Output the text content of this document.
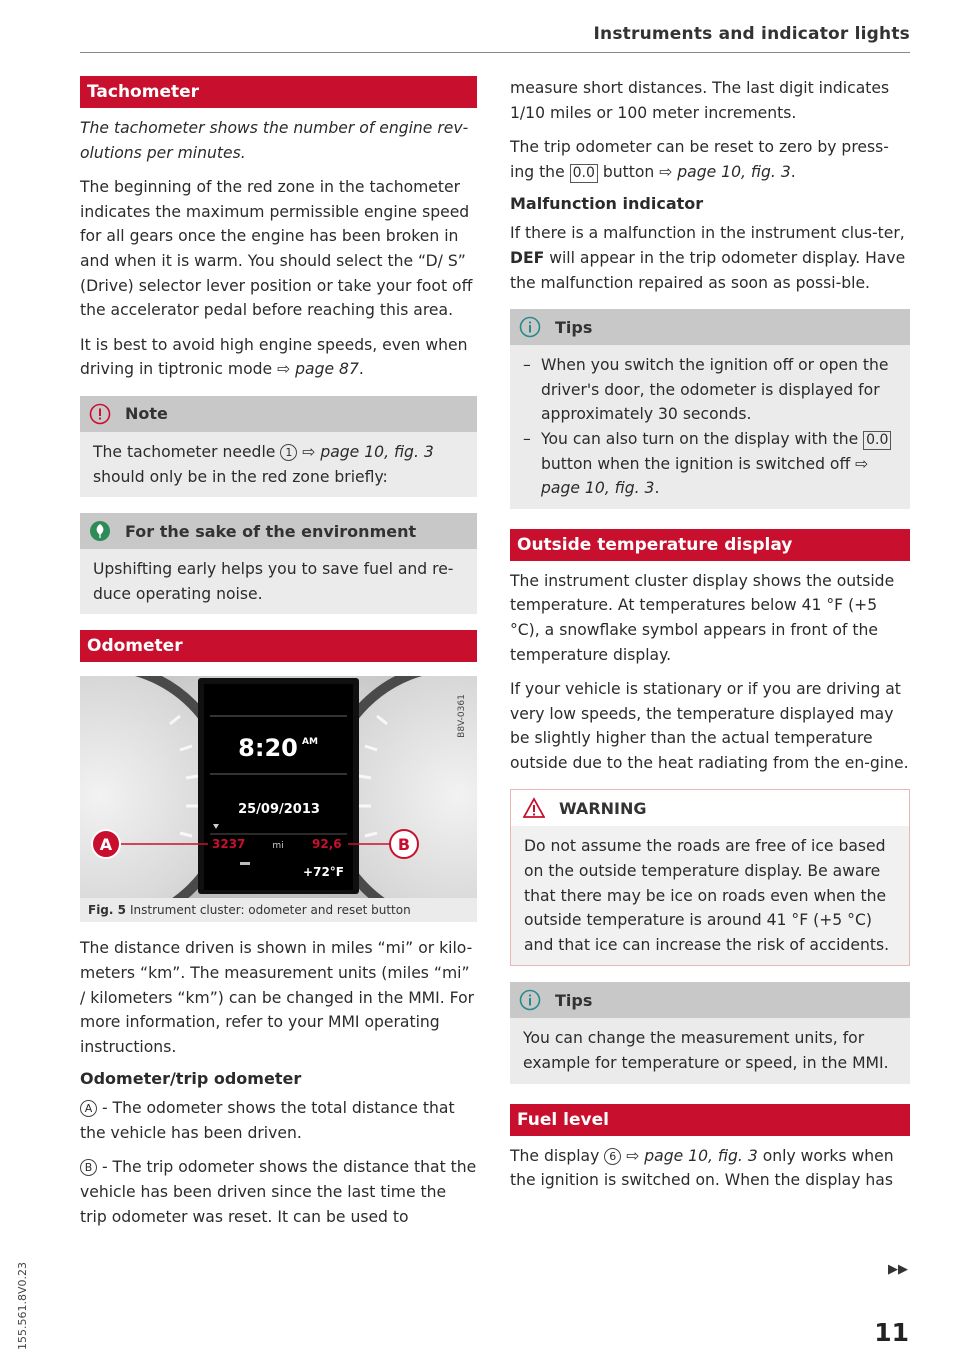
Instruments and indicator lights
Tachometer

The tachometer shows the number of engine rev-olutions per minutes.

The beginning of the red zone in the tachometer indicates the maximum permissible engine speed for all gears once the engine has been broken in and when it is warm. You should select the “D/ S” (Drive) selector lever position or take your foot off the accelerator pedal before reaching this area.

It is best to avoid high engine speeds, even when driving in tiptronic mode ⇨ page 87.

Note

The tachometer needle 1 ⇨ page 10, fig. 3 should only be in the red zone briefly:

For the sake of the environment

Upshifting early helps you to save fuel and re-duce operating noise.

Odometer
8:20 AM
25/09/2013
3237	mi 92,6
+72°F
A	B
B8V-0361
Fig. 5 Instrument cluster: odometer and reset button

The distance driven is shown in miles “mi” or kilo-meters “km”. The measurement units (miles “mi” / kilometers “km”) can be changed in the MMI. For more information, refer to your MMI operating instructions.

Odometer/trip odometer

A - The odometer shows the total distance that the vehicle has been driven.

B - The trip odometer shows the distance that the vehicle has been driven since the last time the trip odometer was reset. It can be used to

measure short distances. The last digit indicates 1/10 miles or 100 meter increments.

The trip odometer can be reset to zero by press-ing the 0.0 button ⇨ page 10, fig. 3.

Malfunction indicator

If there is a malfunction in the instrument clus-ter, DEF will appear in the trip odometer display. Have the malfunction repaired as soon as possi-ble.

Tips
– When you switch the ignition off or open the driver's door, the odometer is displayed for approximately 30 seconds.
– You can also turn on the display with the 0.0 button when the ignition is switched off ⇨ page 10, fig. 3.
Outside temperature display

The instrument cluster display shows the outside temperature. At temperatures below 41 °F (+5 °C), a snowflake symbol appears in front of the temperature display.

If your vehicle is stationary or if you are driving at very low speeds, the temperature displayed may be slightly higher than the actual temperature outside due to the heat radiating from the en-gine.

WARNING

Do not assume the roads are free of ice based on the outside temperature display. Be aware that there may be ice on roads even when the outside temperature is around 41 °F (+5 °C) and that ice can increase the risk of accidents.

Tips

You can change the measurement units, for example for temperature or speed, in the MMI.

Fuel level

The display 6 ⇨ page 10, fig. 3 only works when the ignition is switched on. When the display has

▶▶
11
155.561.8V0.23
